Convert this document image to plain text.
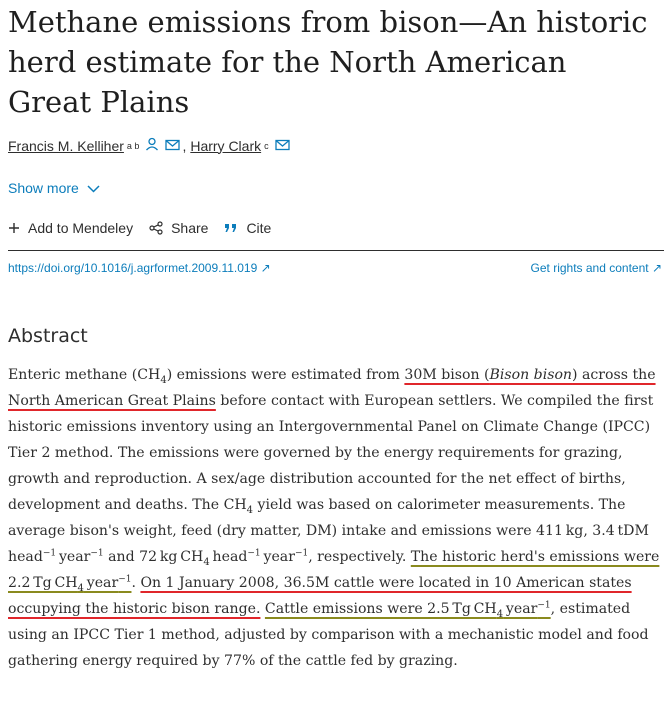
Methane emissions from bison—An historic herd estimate for the North American Great Plains
Francis M. Kelliher a b	, Harry Clark c
Show more
Add to Mendeley	Share	Cite
https://doi.org/10.1016/j.agrformet.2009.11.019 ↗	Get rights and content ↗
Abstract

Enteric methane $(CH_4)$ emissions were estimated from 30M bison (Bison bison) across the North American Great Plains before contact with European settlers. We compiled the first historic emissions inventory using an Intergovernmental Panel on Climate Change (IPCC) Tier 2 method. The emissions were governed by the energy requirements for grazing, growth and reproduction. A sex/age distribution accounted for the net effect of births, development and deaths. The $CH_4$ yield was based on calorimeter measurements. The average bison's weight, feed (dry matter, DM) intake and emissions were 411 kg, 3.4 tDM head$^{-1}$ year$^{-1}$ and 72 kg $CH_4$ head$^{-1}$ year$^{-1}$, respectively. The historic herd's emissions were 2.2 Tg $CH_4$ year$^{-1}$. On 1 January 2008, 36.5M cattle were located in 10 American states occupying the historic bison range. Cattle emissions were 2.5 Tg $CH_4$ year$^{-1}$, estimated using an IPCC Tier 1 method, adjusted by comparison with a mechanistic model and food gathering energy required by 77% of the cattle fed by grazing.
